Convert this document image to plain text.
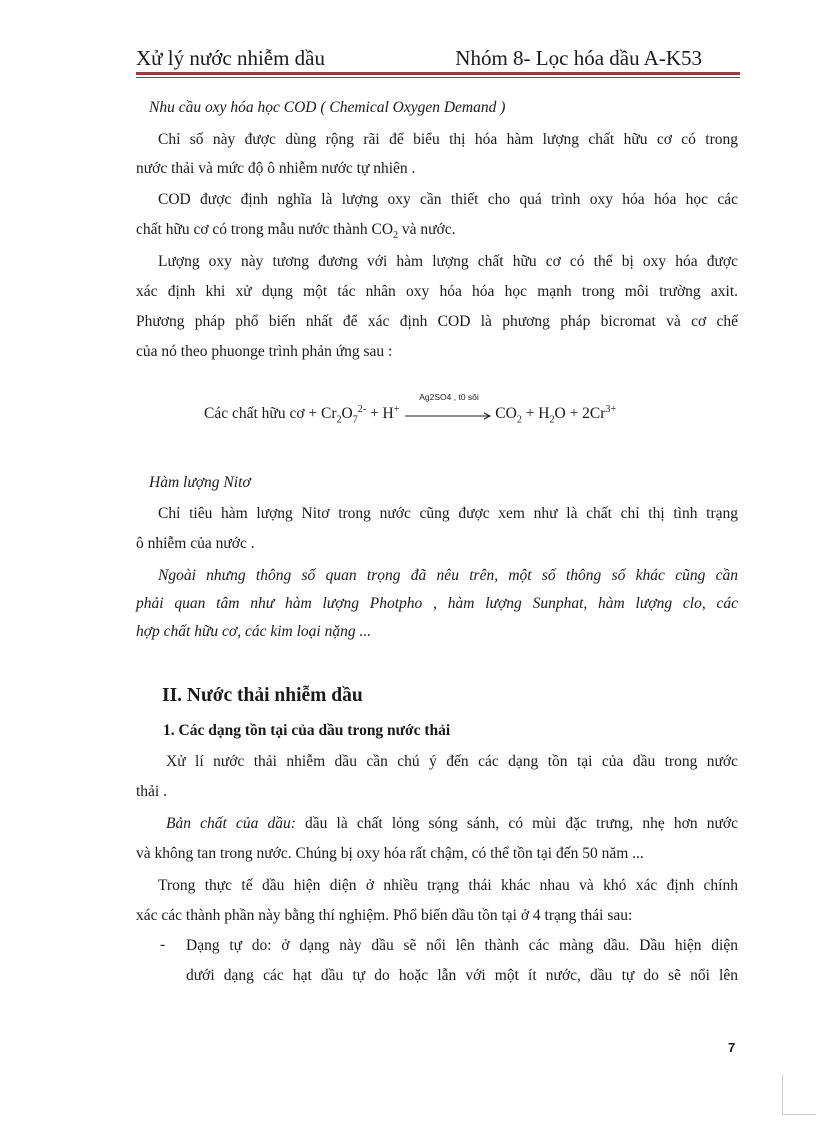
Xử lý nước nhiễm dầu	Nhóm 8- Lọc hóa dầu A-K53
Nhu cầu oxy hóa học COD ( Chemical Oxygen Demand )
Chỉ số này được dùng rộng rãi để biểu thị hóa hàm lượng chất hữu cơ có trong
nước thải và mức độ ô nhiễm nước tự nhiên .
COD được định nghĩa là lượng oxy cần thiết cho quá trình oxy hóa hóa học các
chất hữu cơ có trong mẫu nước thành $CO_2$ và nước.
Lượng oxy này tương đương với hàm lượng chất hữu cơ có thể bị oxy hóa được
xác định khi xử dụng một tác nhân oxy hóa hóa học mạnh trong môi trường axit.
Phương pháp phổ biến nhất để xác định COD là phương pháp bicromat và cơ chế
của nó theo phuonge trình phản ứng sau :
Các chất hữu cơ + $Cr_2O_7^{2-} + H^+$
Ag2SO4 , t0 sôi
$CO_2 + H_2O + 2Cr^{3+}$
Hàm lượng Nitơ
Chỉ tiêu hàm lượng Nitơ trong nước cũng được xem như là chất chỉ thị tình trạng
ô nhiễm của nước .
Ngoài nhưng thông số quan trọng đã nêu trên, một số thông số khác cũng cần
phải quan tâm như hàm lượng Photpho , hàm lượng Sunphat, hàm lượng clo, các
hợp chất hữu cơ, các kim loại nặng ...
II. Nước thải nhiễm dầu
1. Các dạng tồn tại của dầu trong nước thải
Xử lí nước thải nhiễm dầu cần chú ý đến các dạng tồn tại của dầu trong nước
thải .
Bản chất của dầu: dầu là chất lỏng sóng sánh, có mùi đặc trưng, nhẹ hơn nước
và không tan trong nước. Chúng bị oxy hóa rất chậm, có thể tồn tại đến 50 năm ...
Trong thực tế dầu hiện diện ở nhiều trạng thái khác nhau và khó xác định chính
xác các thành phần này bằng thí nghiệm. Phổ biến dầu tồn tại ở 4 trạng thái sau:
- Dạng tự do: ở dạng này dầu sẽ nổi lên thành các màng dầu. Dầu hiện diện
dưới dạng các hạt dầu tự do hoặc lẫn với một ít nước, dầu tự do sẽ nổi lên
7
